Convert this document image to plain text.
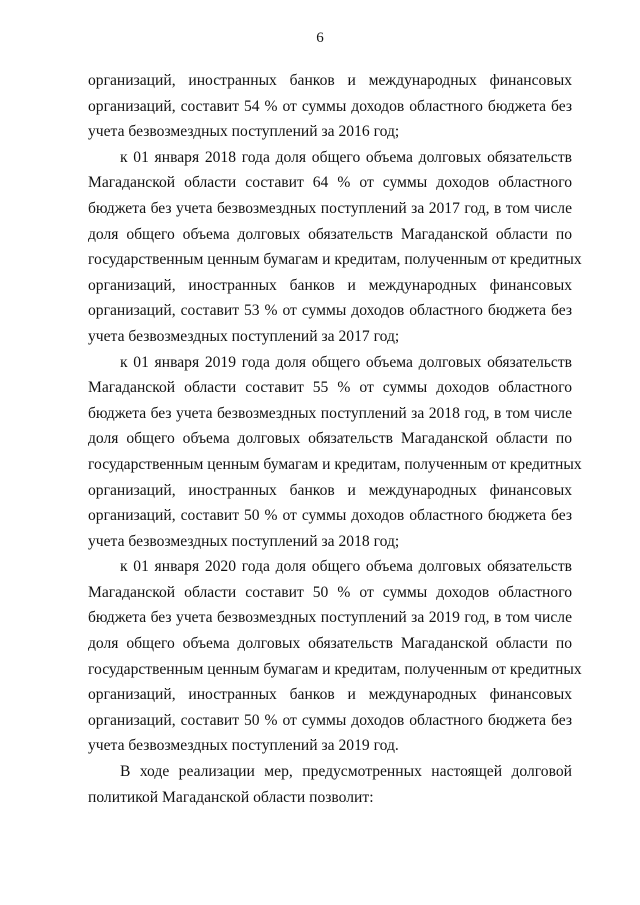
6
организаций, иностранных банков и международных финансовых
организаций, составит 54 % от суммы доходов областного бюджета без
учета безвозмездных поступлений за 2016 год;
к 01 января 2018 года доля общего объема долговых обязательств
Магаданской области составит 64 % от суммы доходов областного
бюджета без учета безвозмездных поступлений за 2017 год, в том числе
доля общего объема долговых обязательств Магаданской области по
государственным ценным бумагам и кредитам, полученным от кредитных
организаций, иностранных банков и международных финансовых
организаций, составит 53 % от суммы доходов областного бюджета без
учета безвозмездных поступлений за 2017 год;
к 01 января 2019 года доля общего объема долговых обязательств
Магаданской области составит 55 % от суммы доходов областного
бюджета без учета безвозмездных поступлений за 2018 год, в том числе
доля общего объема долговых обязательств Магаданской области по
государственным ценным бумагам и кредитам, полученным от кредитных
организаций, иностранных банков и международных финансовых
организаций, составит 50 % от суммы доходов областного бюджета без
учета безвозмездных поступлений за 2018 год;
к 01 января 2020 года доля общего объема долговых обязательств
Магаданской области составит 50 % от суммы доходов областного
бюджета без учета безвозмездных поступлений за 2019 год, в том числе
доля общего объема долговых обязательств Магаданской области по
государственным ценным бумагам и кредитам, полученным от кредитных
организаций, иностранных банков и международных финансовых
организаций, составит 50 % от суммы доходов областного бюджета без
учета безвозмездных поступлений за 2019 год.
В ходе реализации мер, предусмотренных настоящей долговой
политикой Магаданской области позволит:
